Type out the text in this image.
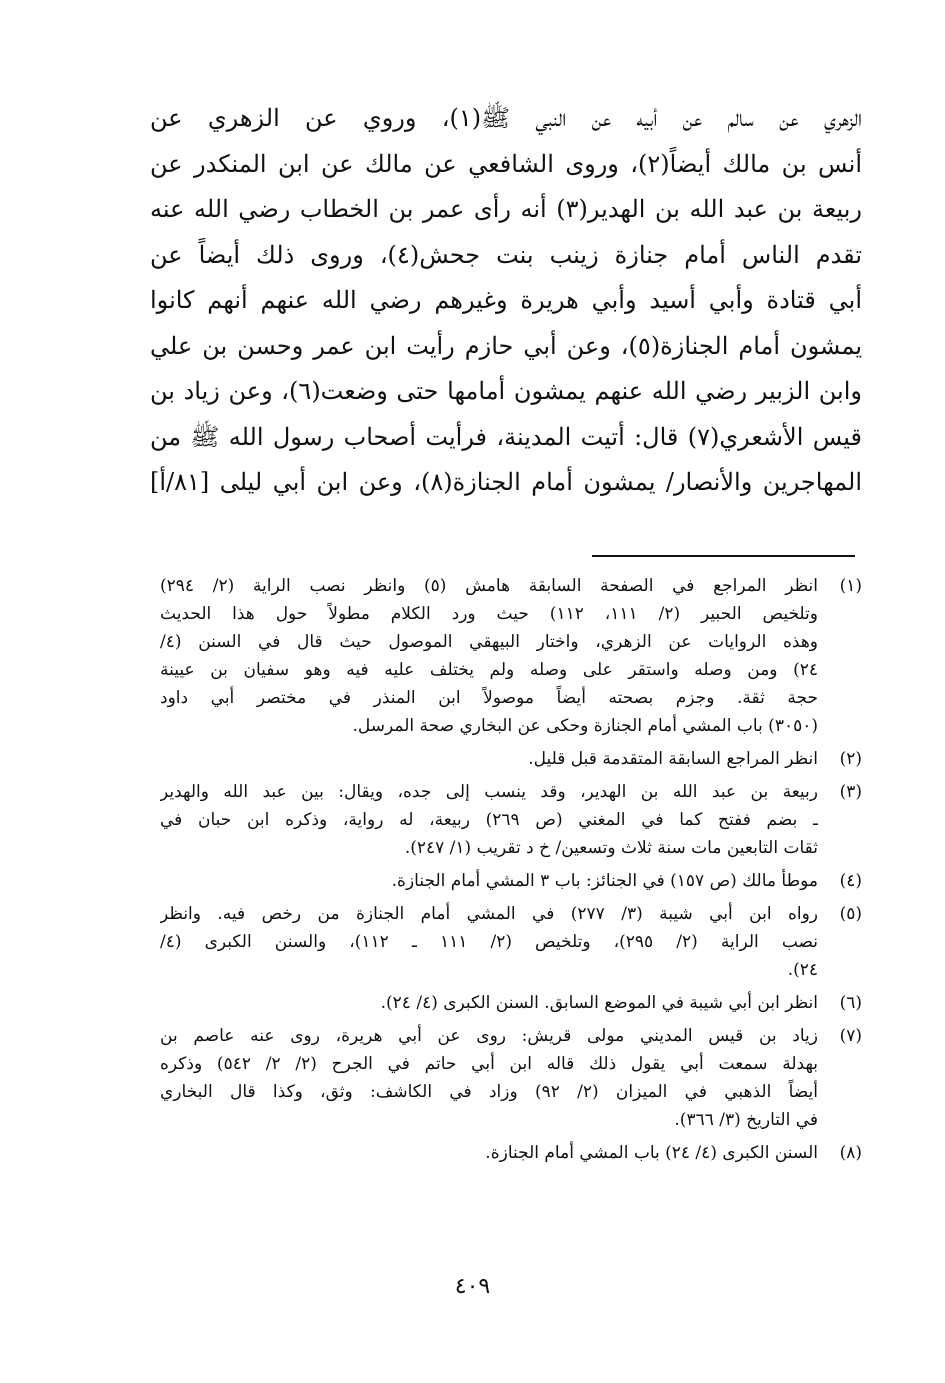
الزهري عن سالم عن أبيه عن النبي ﷺ(١)، وروي عن الزهري عن
أنس بن مالك أيضاً(٢)، وروى الشافعي عن مالك عن ابن المنكدر عن
ربيعة بن عبد الله بن الهدير(٣) أنه رأى عمر بن الخطاب رضي الله عنه
تقدم الناس أمام جنازة زينب بنت جحش(٤)، وروى ذلك أيضاً عن
أبي قتادة وأبي أسيد وأبي هريرة وغيرهم رضي الله عنهم أنهم كانوا
يمشون أمام الجنازة(٥)، وعن أبي حازم رأيت ابن عمر وحسن بن علي
وابن الزبير رضي الله عنهم يمشون أمامها حتى وضعت(٦)، وعن زياد بن
قيس الأشعري(٧) قال: أتيت المدينة، فرأيت أصحاب رسول الله ﷺ من
المهاجرين والأنصار/ يمشون أمام الجنازة(٨)، وعن ابن أبي ليلى [٨١/أ]
(١)
انظر المراجع في الصفحة السابقة هامش (٥) وانظر نصب الراية (٢/ ٢٩٤)
وتلخيص الحبير (٢/ ١١١، ١١٢) حيث ورد الكلام مطولاً حول هذا الحديث
وهذه الروايات عن الزهري، واختار البيهقي الموصول حيث قال في السنن (٤/
٢٤) ومن وصله واستقر على وصله ولم يختلف عليه فيه وهو سفيان بن عيينة
حجة ثقة. وجزم بصحته أيضاً موصولاً ابن المنذر في مختصر أبي داود
(٣٠٥٠) باب المشي أمام الجنازة وحكى عن البخاري صحة المرسل.
(٢)
انظر المراجع السابقة المتقدمة قبل قليل.
(٣)
ربيعة بن عبد الله بن الهدير، وقد ينسب إلى جده، ويقال: بين عبد الله والهدير
ـ بضم ففتح كما في المغني (ص ٢٦٩) ربيعة، له رواية، وذكره ابن حبان في
ثقات التابعين مات سنة ثلاث وتسعين/ خ د تقريب (١/ ٢٤٧).
(٤)
موطأ مالك (ص ١٥٧) في الجنائز: باب ٣ المشي أمام الجنازة.
(٥)
رواه ابن أبي شيبة (٣/ ٢٧٧) في المشي أمام الجنازة من رخص فيه. وانظر
نصب الراية (٢/ ٢٩٥)، وتلخيص (٢/ ١١١ ـ ١١٢)، والسنن الكبرى (٤/
٢٤).
(٦)
انظر ابن أبي شيبة في الموضع السابق. السنن الكبرى (٤/ ٢٤).
(٧)
زياد بن قيس المديني مولى قريش: روى عن أبي هريرة، روى عنه عاصم بن
بهدلة سمعت أبي يقول ذلك قاله ابن أبي حاتم في الجرح (٢/ ٢/ ٥٤٢) وذكره
أيضاً الذهبي في الميزان (٢/ ٩٢) وزاد في الكاشف: وثق، وكذا قال البخاري
في التاريخ (٣/ ٣٦٦).
(٨)
السنن الكبرى (٤/ ٢٤) باب المشي أمام الجنازة.
٤٠٩
